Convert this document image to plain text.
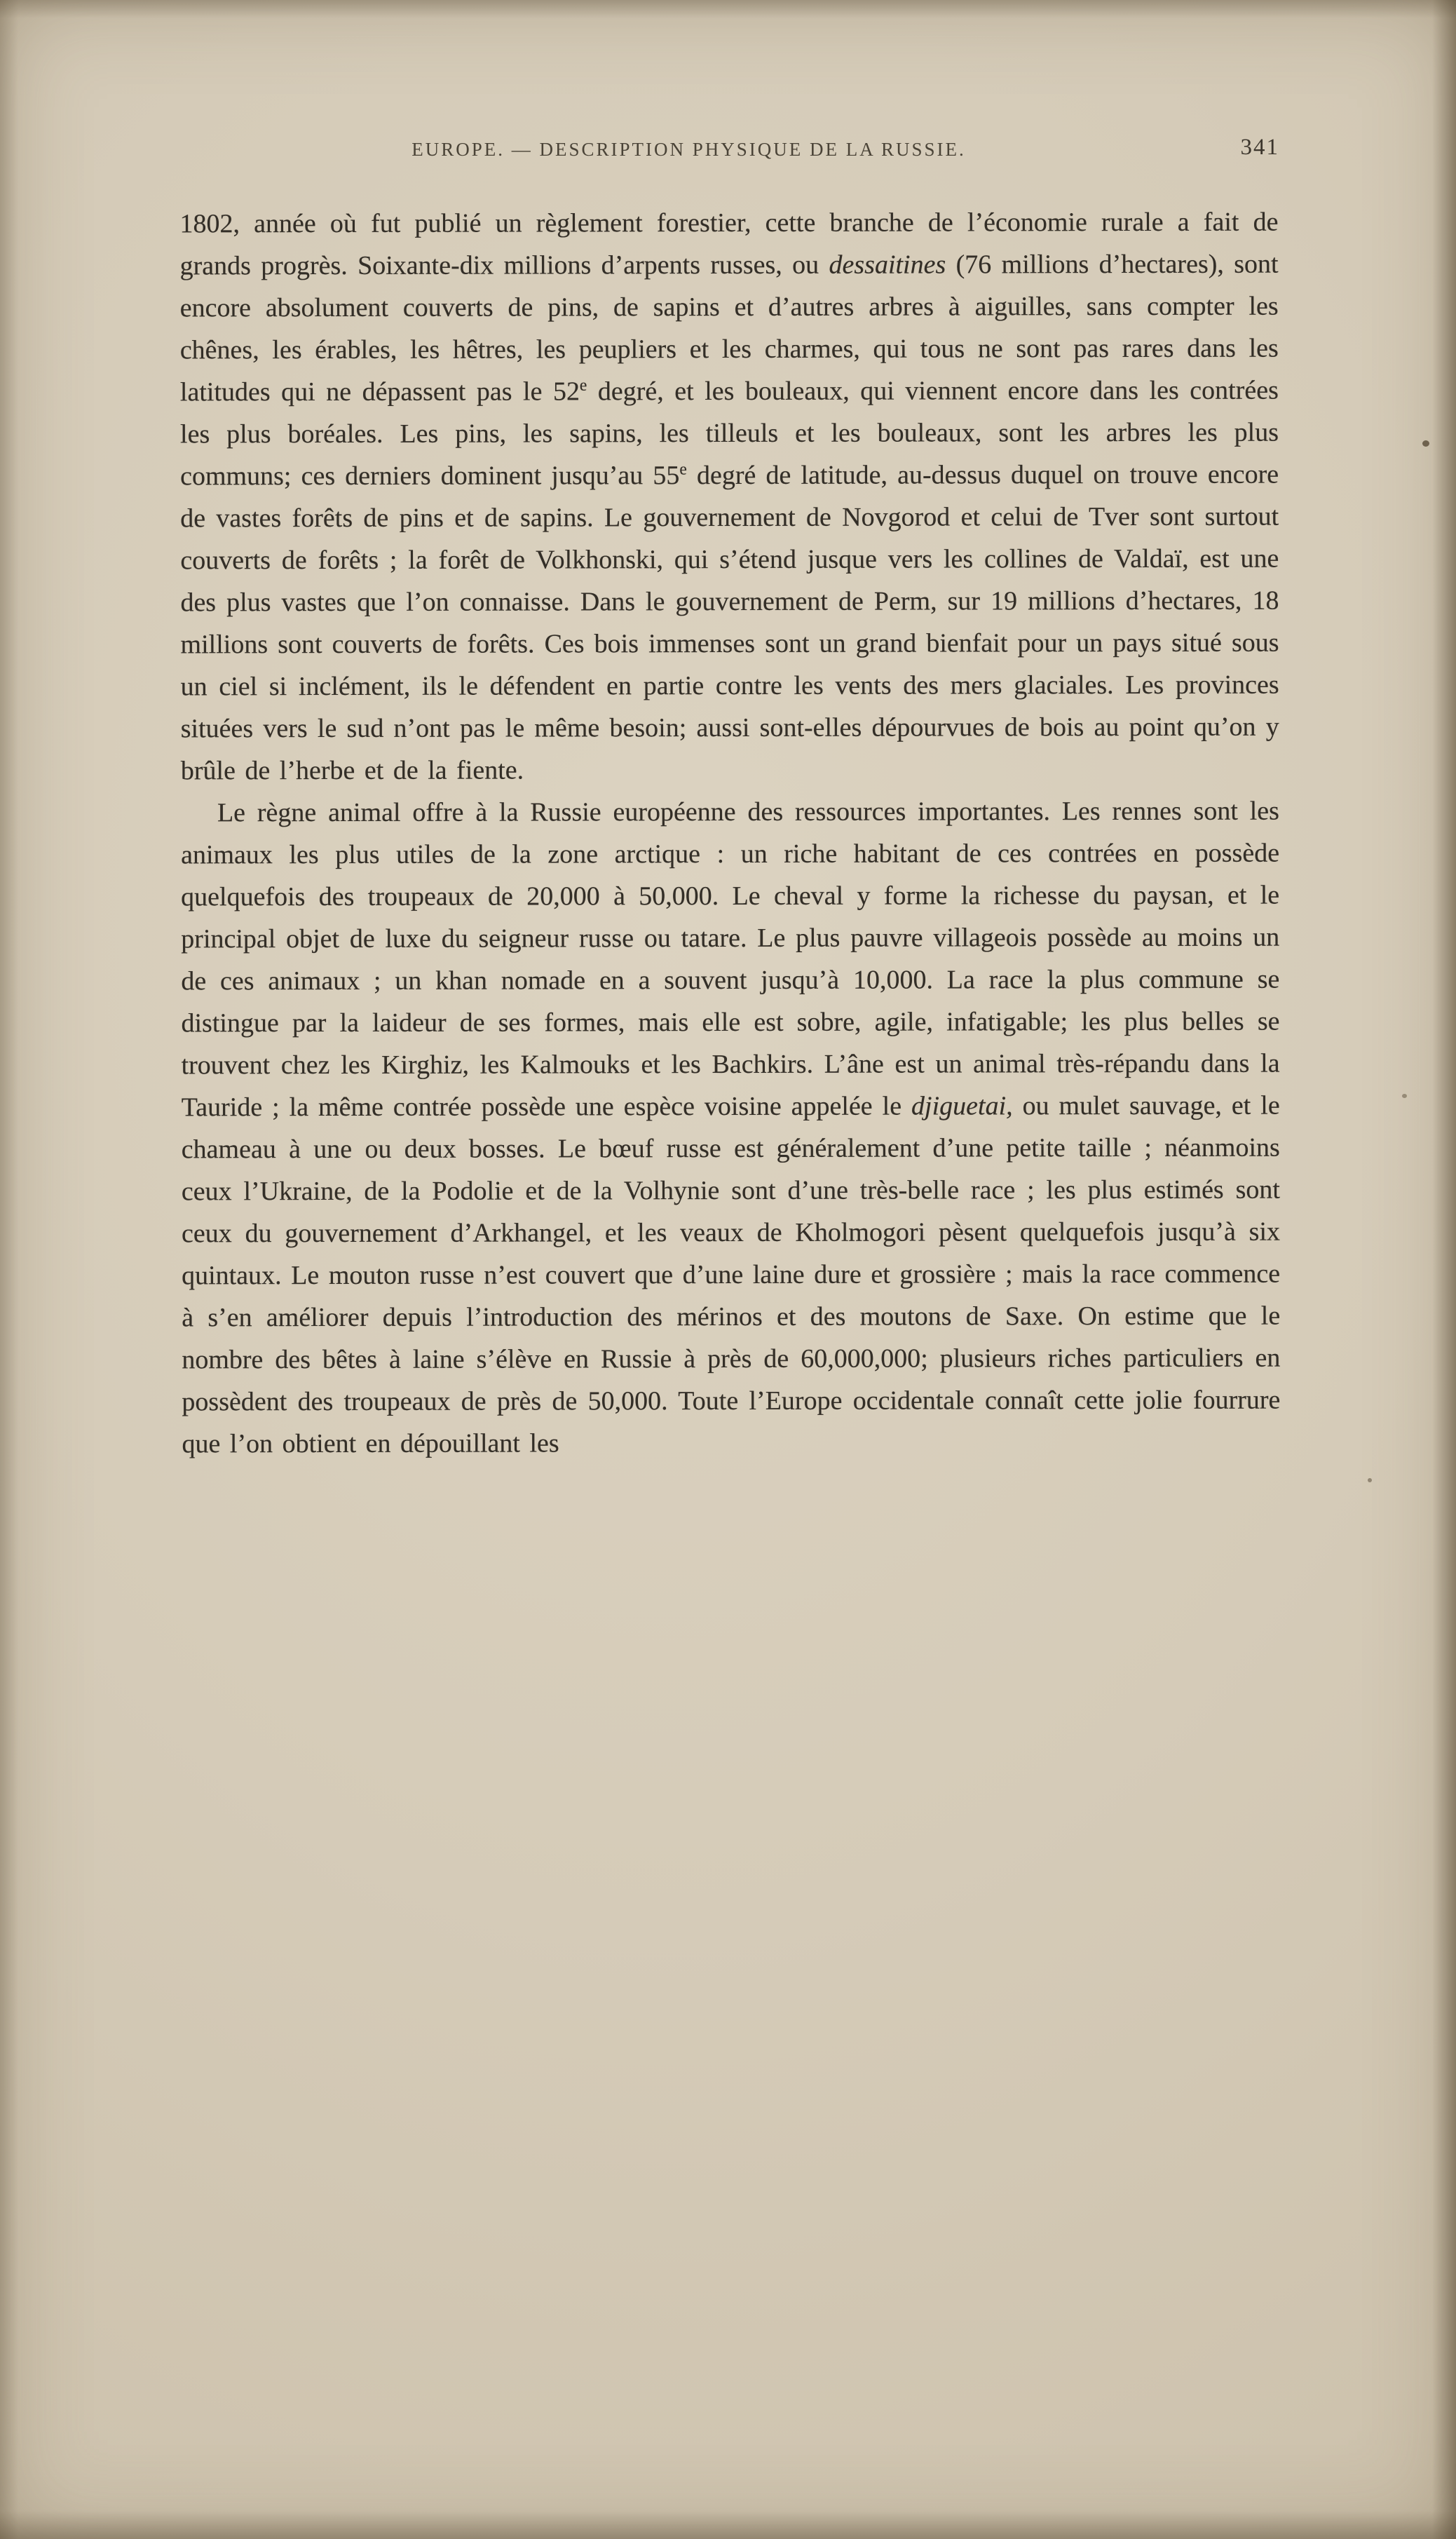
EUROPE. — DESCRIPTION PHYSIQUE DE LA RUSSIE.	341

1802, année où fut publié un règlement forestier, cette branche de l’économie rurale a fait de grands progrès. Soixante-dix millions d’arpents russes, ou dessaitines (76 millions d’hectares), sont encore absolument couverts de pins, de sapins et d’autres arbres à aiguilles, sans compter les chênes, les érables, les hêtres, les peupliers et les charmes, qui tous ne sont pas rares dans les latitudes qui ne dépassent pas le 52e degré, et les bouleaux, qui viennent encore dans les contrées les plus boréales. Les pins, les sapins, les tilleuls et les bouleaux, sont les arbres les plus communs; ces derniers dominent jusqu’au 55e degré de latitude, au-dessus duquel on trouve encore de vastes forêts de pins et de sapins. Le gouvernement de Novgorod et celui de Tver sont surtout couverts de forêts ; la forêt de Volkhonski, qui s’étend jusque vers les collines de Valdaï, est une des plus vastes que l’on connaisse. Dans le gouvernement de Perm, sur 19 millions d’hectares, 18 millions sont couverts de forêts. Ces bois immenses sont un grand bienfait pour un pays situé sous un ciel si inclément, ils le défendent en partie contre les vents des mers glaciales. Les provinces situées vers le sud n’ont pas le même besoin; aussi sont-elles dépourvues de bois au point qu’on y brûle de l’herbe et de la fiente.

Le règne animal offre à la Russie européenne des ressources importantes. Les rennes sont les animaux les plus utiles de la zone arctique : un riche habitant de ces contrées en possède quelquefois des troupeaux de 20,000 à 50,000. Le cheval y forme la richesse du paysan, et le principal objet de luxe du seigneur russe ou tatare. Le plus pauvre villageois possède au moins un de ces animaux ; un khan nomade en a souvent jusqu’à 10,000. La race la plus commune se distingue par la laideur de ses formes, mais elle est sobre, agile, infatigable; les plus belles se trouvent chez les Kirghiz, les Kalmouks et les Bachkirs. L’âne est un animal très-répandu dans la Tauride ; la même contrée possède une espèce voisine appelée le djiguetai, ou mulet sauvage, et le chameau à une ou deux bosses. Le bœuf russe est généralement d’une petite taille ; néanmoins ceux l’Ukraine, de la Podolie et de la Volhynie sont d’une très-belle race ; les plus estimés sont ceux du gouvernement d’Arkhangel, et les veaux de Kholmogori pèsent quelquefois jusqu’à six quintaux. Le mouton russe n’est couvert que d’une laine dure et grossière ; mais la race commence à s’en améliorer depuis l’introduction des mérinos et des moutons de Saxe. On estime que le nombre des bêtes à laine s’élève en Russie à près de 60,000,000; plusieurs riches particuliers en possèdent des troupeaux de près de 50,000. Toute l’Europe occidentale connaît cette jolie fourrure que l’on obtient en dépouillant les
